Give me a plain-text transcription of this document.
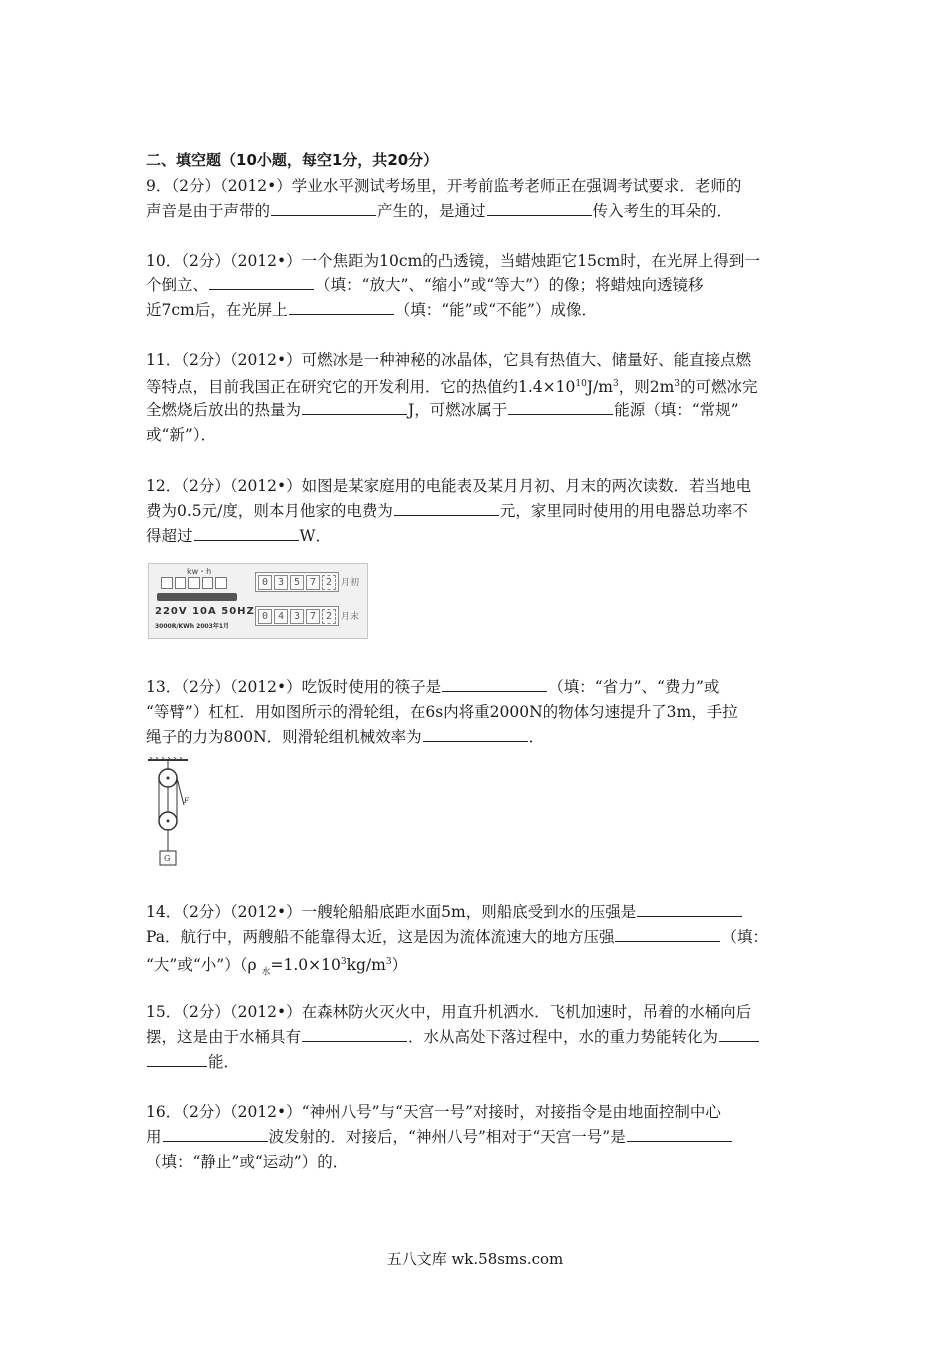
二、填空题（10小题，每空1分，共20分）
9．（2分）（2012•）学业水平测试考场里，开考前监考老师正在强调考试要求．老师的
声音是由于声带的	产生的，是通过	传入考生的耳朵的．
10．（2分）（2012•）一个焦距为10cm的凸透镜，当蜡烛距它15cm时，在光屏上得到一
个倒立、	（填：“放大”、“缩小”或“等大”）的像；将蜡烛向透镜移
近7cm后，在光屏上	（填：“能”或“不能”）成像．
11．（2分）（2012•）可燃冰是一种神秘的冰晶体，它具有热值大、储量好、能直接点燃
等特点，目前我国正在研究它的开发利用．它的热值约$1.4\times 10^{10}J/m^3$，则$2m^3$的可燃冰完
全燃烧后放出的热量为	J，可燃冰属于	能源（填：“常规”
或“新”）．
12．（2分）（2012•）如图是某家庭用的电能表及某月月初、月末的两次读数．若当地电
费为0.5元/度，则本月他家的电费为	元，家里同时使用的用电器总功率不
得超过	W．
kw・h
220V 10A 50HZ
3000R/KWh 2003年1月
0 3 5 7 2
0 4 3 7 2
月初
月末
13．（2分）（2012•）吃饭时使用的筷子是	（填：“省力”、“费力”或
“等臂”）杠杠．用如图所示的滑轮组，在6s内将重2000N的物体匀速提升了3m，手拉
绳子的力为800N．则滑轮组机械效率为	．
F
G
14．（2分）（2012•）一艘轮船船底距水面5m，则船底受到水的压强是
Pa．航行中，两艘船不能靠得太近，这是因为流体流速大的地方压强	（填：
“大”或“小”）（ρ $_水=1.0\times 10^3kg/m^3$）
15．（2分）（2012•）在森林防火灭火中，用直升机洒水．飞机加速时，吊着的水桶向后
摆，这是由于水桶具有	．水从高处下落过程中，水的重力势能转化为
能．
16．（2分）（2012•）“神州八号”与“天宫一号”对接时，对接指令是由地面控制中心
用	波发射的．对接后，“神州八号”相对于“天宫一号”是
（填：“静止”或“运动”）的．
五八文库 wk.58sms.com
